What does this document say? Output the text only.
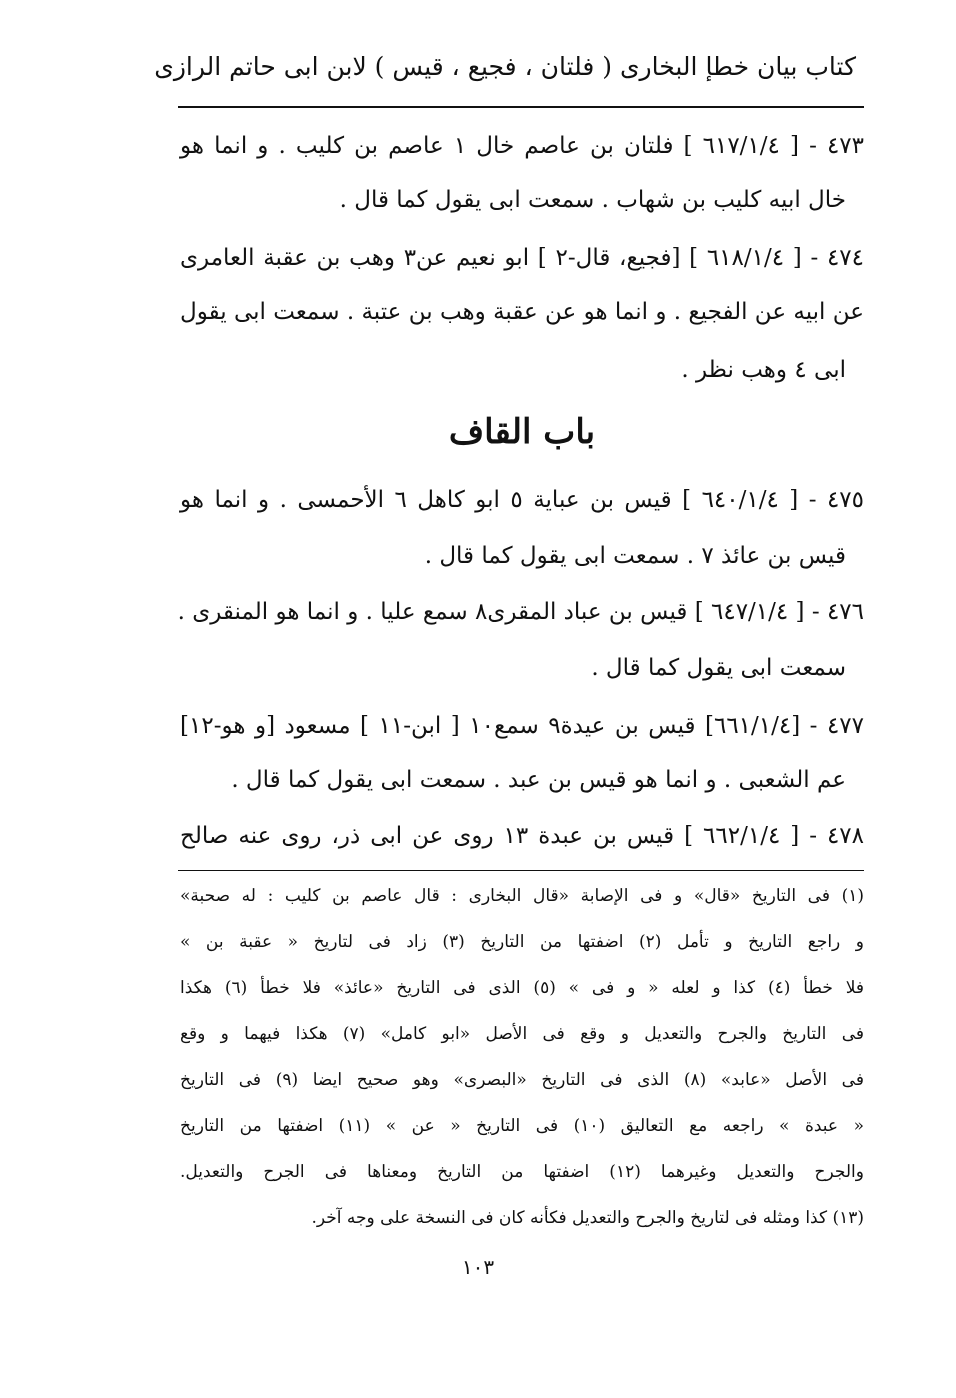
كتاب بيان خطإ البخارى ( فلتان ، فجيع ، قيس ) لابن ابى حاتم الرازى
٤٧٣ - [ ٦١٧/١/٤ ] فلتان بن عاصم خال ١ عاصم بن كليب . و انما هو
خال ابيه كليب بن شهاب . سمعت ابى يقول كما قال .
٤٧٤ - [ ٦١٨/١/٤ ] [فجيع، قال-٢ ] ابو نعيم عن٣ وهب بن عقبة العامرى
عن ابيه عن الفجيع . و انما هو عن عقبة وهب بن عتبة . سمعت ابى يقول
ابى ٤ وهب نظر .
باب القاف
٤٧٥ - [ ٦٤٠/١/٤ ] قيس بن عباية ٥ ابو كاهل ٦ الأحمسى . و انما هو
قيس بن عائذ ٧ . سمعت ابى يقول كما قال .
٤٧٦ - [ ٦٤٧/١/٤ ] قيس بن عباد المقرى٨ سمع عليا . و انما هو المنقرى .
سمعت ابى يقول كما قال .
٤٧٧ - [٦٦١/١/٤] قيس بن عيدة٩ سمع١٠ [ ابن-١١ ] مسعود [و هو-١٢]
عم الشعبى . و انما هو قيس بن عبد . سمعت ابى يقول كما قال .
٤٧٨ - [ ٦٦٢/١/٤ ] قيس بن عبدة ١٣ روى عن ابى ذر، روى عنه صالح
(١) فى التاريخ «قال» و فى الإصابة «قال البخارى : قال عاصم بن كليب : له صحبة»
و راجع التاريخ و تأمل (٢) اضفتها من التاريخ (٣) زاد فى لتاريخ « عقبة بن »
فلا خطأ (٤) كذا و لعله « و فى » (٥) الذى فى التاريخ «عائذ» فلا خطأ (٦) هكذا
فى التاريخ والجرح والتعديل و وقع فى الأصل «ابو كامل» (٧) هكذا فيهما و وقع
فى الأصل «عابد» (٨) الذى فى التاريخ «البصرى» وهو صحيح ايضا (٩) فى التاريخ
« عبدة » راجعه مع التعاليق (١٠) فى التاريخ « عن » (١١) اضفتها من التاريخ
والجرح والتعديل وغيرهما (١٢) اضفتها من التاريخ ومعناها فى الجرح والتعديل.
(١٣) كذا ومثله فى لتاريخ والجرح والتعديل فكأنه كان فى النسخة على وجه آخر.
١٠٣
